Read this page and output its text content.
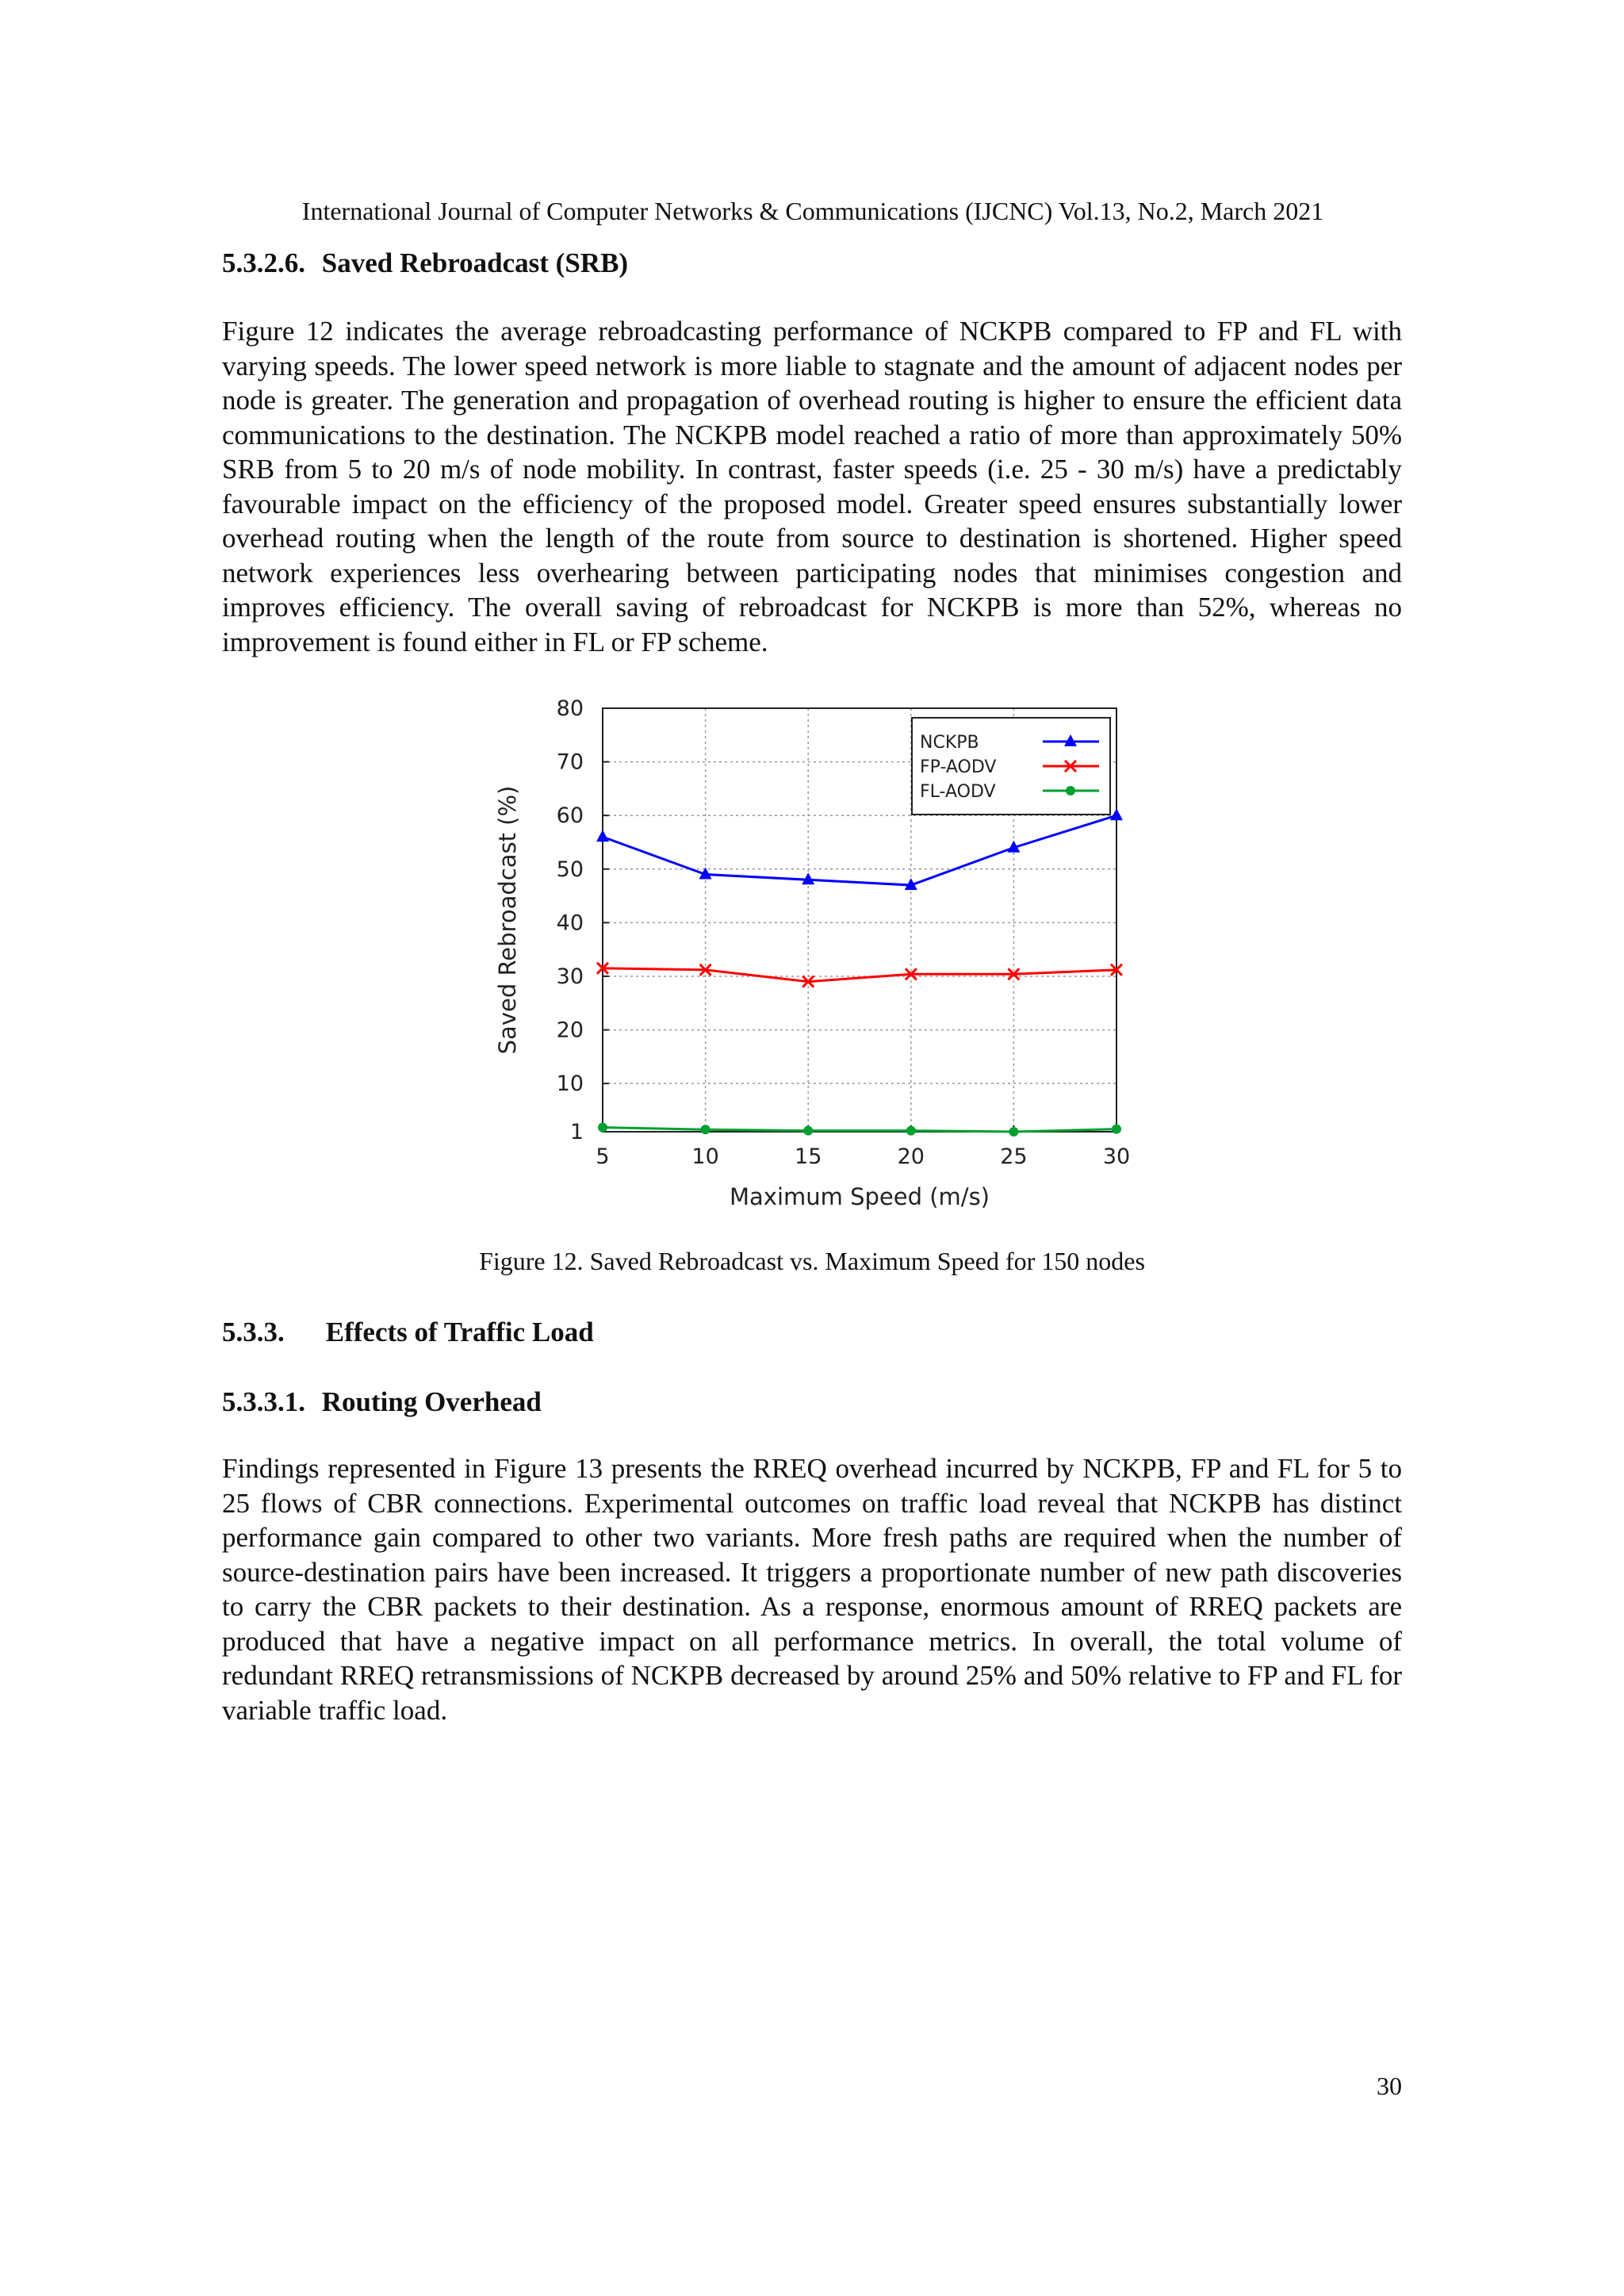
International Journal of Computer Networks & Communications (IJCNC) Vol.13, No.2, March 2021
5.3.2.6. Saved Rebroadcast (SRB)
Figure 12 indicates the average rebroadcasting performance of NCKPB compared to FP and FL with varying speeds. The lower speed network is more liable to stagnate and the amount of adjacent nodes per node is greater. The generation and propagation of overhead routing is higher to ensure the efficient data communications to the destination. The NCKPB model reached a ratio of more than approximately 50% SRB from 5 to 20 m/s of node mobility. In contrast, faster speeds (i.e. 25 - 30 m/s) have a predictably favourable impact on the efficiency of the proposed model. Greater speed ensures substantially lower overhead routing when the length of the route from source to destination is shortened. Higher speed network experiences less overhearing between participating nodes that minimises congestion and improves efficiency. The overall saving of rebroadcast for NCKPB is more than 52%, whereas no improvement is found either in FL or FP scheme.
5	10	15	20	25	30
1
10
20
30
40
50
60
70
80
Maximum Speed (m/s)
Saved Rebroadcast (%)
NCKPB
FP-AODV
FL-AODV
Figure 12. Saved Rebroadcast vs. Maximum Speed for 150 nodes
5.3.3. Effects of Traffic Load
5.3.3.1. Routing Overhead
Findings represented in Figure 13 presents the RREQ overhead incurred by NCKPB, FP and FL for 5 to 25 flows of CBR connections. Experimental outcomes on traffic load reveal that NCKPB has distinct performance gain compared to other two variants. More fresh paths are required when the number of source-destination pairs have been increased. It triggers a proportionate number of new path discoveries to carry the CBR packets to their destination. As a response, enormous amount of RREQ packets are produced that have a negative impact on all performance metrics. In overall, the total volume of redundant RREQ retransmissions of NCKPB decreased by around 25% and 50% relative to FP and FL for variable traffic load.
30
